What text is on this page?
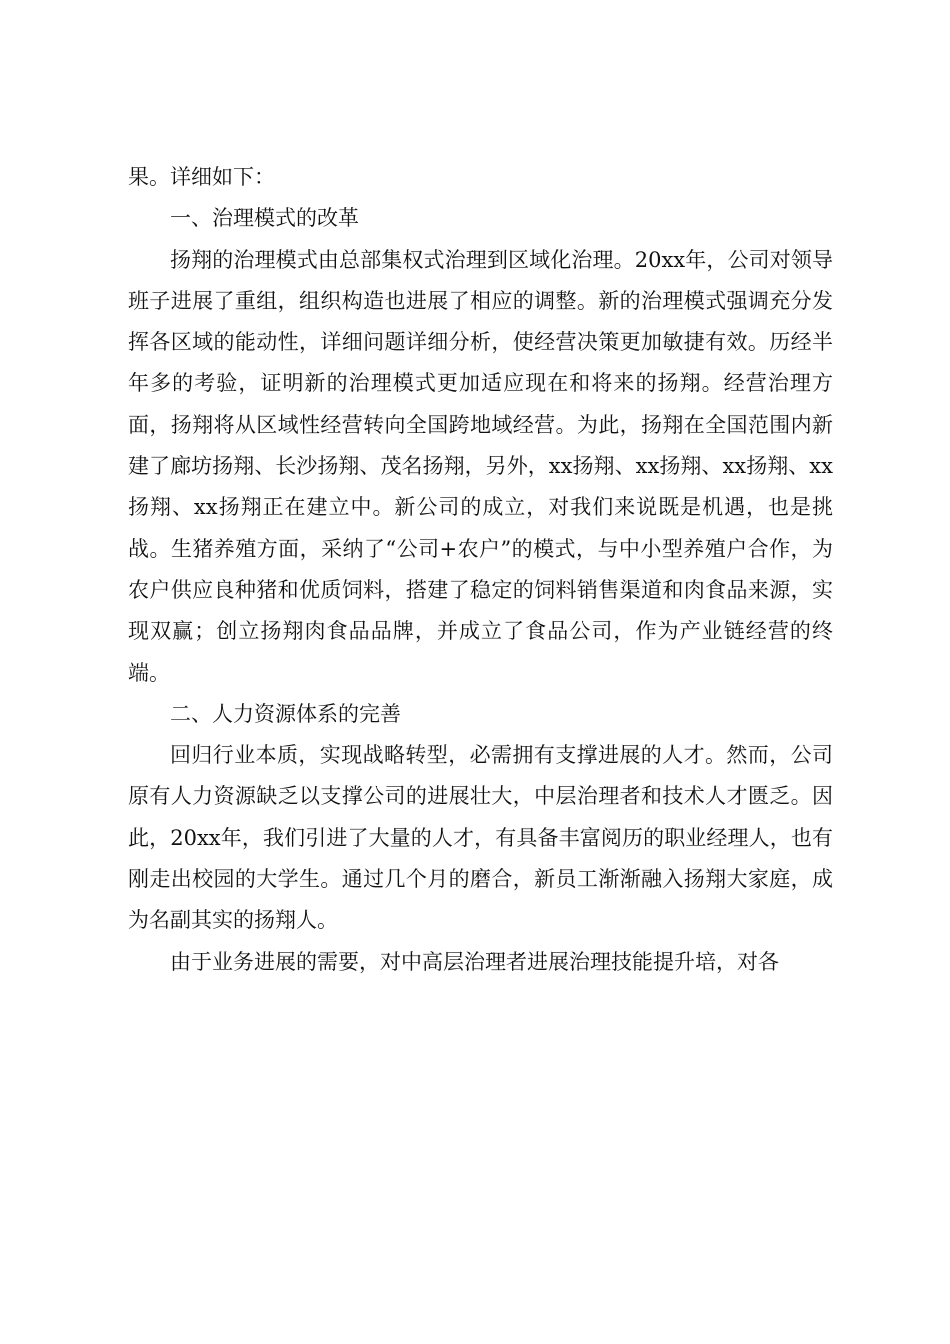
果。详细如下：

一、治理模式的改革

扬翔的治理模式由总部集权式治理到区域化治理。20xx年，公司对领导班子进展了重组，组织构造也进展了相应的调整。新的治理模式强调充分发挥各区域的能动性，详细问题详细分析，使经营决策更加敏捷有效。历经半年多的考验，证明新的治理模式更加适应现在和将来的扬翔。经营治理方面，扬翔将从区域性经营转向全国跨地域经营。为此，扬翔在全国范围内新建了廊坊扬翔、长沙扬翔、茂名扬翔，另外，xx扬翔、xx扬翔、xx扬翔、xx扬翔、xx扬翔正在建立中。新公司的成立，对我们来说既是机遇，也是挑战。生猪养殖方面，采纳了“公司+农户”的模式，与中小型养殖户合作，为农户供应良种猪和优质饲料，搭建了稳定的饲料销售渠道和肉食品来源，实现双赢；创立扬翔肉食品品牌，并成立了食品公司，作为产业链经营的终端。

二、人力资源体系的完善

回归行业本质，实现战略转型，必需拥有支撑进展的人才。然而，公司原有人力资源缺乏以支撑公司的进展壮大，中层治理者和技术人才匮乏。因此，20xx年，我们引进了大量的人才，有具备丰富阅历的职业经理人，也有刚走出校园的大学生。通过几个月的磨合，新员工渐渐融入扬翔大家庭，成为名副其实的扬翔人。

由于业务进展的需要，对中高层治理者进展治理技能提升培，对各
